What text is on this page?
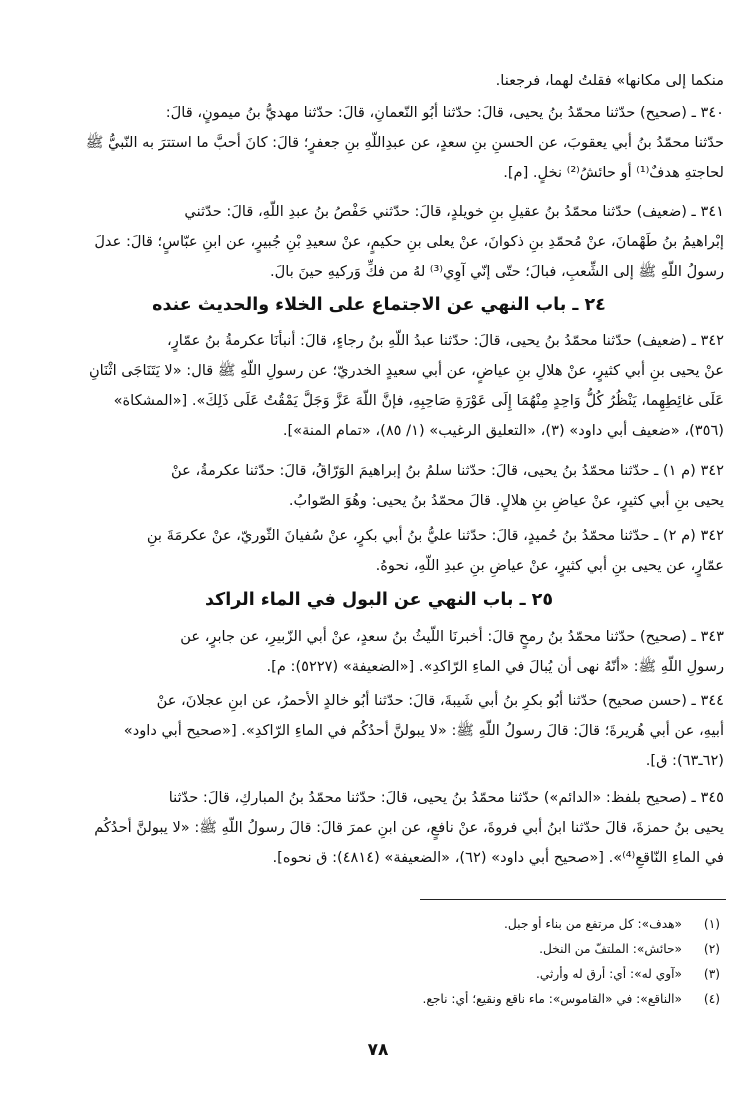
منكما إلى مكانها» فقلتُ لهما، فرجعنا.

٣٤٠ ـ (صحيح) حدّثنا محمّدُ بنُ يحيى، قالَ: حدّثنا أبُو النّعمانِ، قالَ: حدّثنا مهديُّ بنُ ميمونٍ، قالَ:
حدّثنا محمّدُ بنُ أبي يعقوبَ، عن الحسنِ بنِ سعدٍ، عن عبدِاللّهِ بنِ جعفرٍ؛ قالَ: كانَ أحبَّ ما استترَ به النّبيُّ ﷺ
لحاجتهِ هدفٌ⁽¹⁾ أو حائشُ⁽²⁾ نخلٍ. [م].

٣٤١ ـ (ضعيف) حدّثنا محمّدُ بنُ عقيلِ بنِ خويلدٍ، قالَ: حدّثني حَفْصُ بنُ عبدِ اللّهِ، قالَ: حدّثني
إبْراهيمُ بنُ طَهْمانَ، عنْ مُحمّدِ بنِ ذكوانَ، عنْ يعلى بنِ حكيمٍ، عنْ سعيدِ بْنِ جُبيرٍ، عن ابنِ عبّاسٍ؛ قالَ: عدلَ
رسولُ اللّهِ ﷺ إلى الشِّعبِ، فبالَ؛ حتّى إنّي آوِي⁽³⁾ لهُ من فكِّ وَركيهِ حينَ بالَ.

٢٤ ـ باب النهي عن الاجتماع على الخلاء والحديث عنده

٣٤٢ ـ (ضعيف) حدّثنا محمّدُ بنُ يحيى، قالَ: حدّثنا عبدُ اللّهِ بنُ رجاءٍ، قالَ: أنبأنَا عكرمةُ بنُ عمّارٍ،
عنْ يحيى بنِ أبي كثيرٍ، عنْ هلالِ بنِ عياضٍ، عن أبي سعيدٍ الخدريّ؛ عن رسولِ اللّهِ ﷺ قال: «لا يَتَنَاجَى اثْنَانِ
عَلَى غائِطِهِما، يَنْظُرُ كُلُّ وَاحِدٍ مِنْهُمَا إِلَى عَوْرَةِ صَاحِبِهِ، فإنَّ اللّهَ عَزَّ وَجَلَّ يَمْقُتُ عَلَى ذَلِكَ». [«المشكاة»
(٣٥٦)، «ضعيف أبي داود» (٣)، «التعليق الرغيب» (١/ ٨٥)، «تمام المنة»].

٣٤٢ (م ١) ـ حدّثنا محمّدُ بنُ يحيى، قالَ: حدّثنا سلمُ بنُ إبراهيمَ الوَرّاقُ، قالَ: حدّثنا عكرمةُ، عنْ
يحيى بنِ أبي كثيرٍ، عنْ عياضِ بنِ هلالٍ. قالَ محمّدُ بنُ يحيى: وهُوَ الصّوابُ.

٣٤٢ (م ٢) ـ حدّثنا محمّدُ بنُ حُميدٍ، قالَ: حدّثنا عليُّ بنُ أبي بكرٍ، عنْ سُفيانَ الثّوريّ، عنْ عكرمَةَ بنِ
عمّارٍ، عن يحيى بنِ أبي كثيرٍ، عنْ عياضِ بنِ عبدِ اللّهِ، نحوهُ.

٢٥ ـ باب النهي عن البول في الماء الراكد

٣٤٣ ـ (صحيح) حدّثنا محمّدُ بنُ رمحٍ قالَ: أخبرنَا اللّيثُ بنُ سعدٍ، عنْ أبي الزّبيرِ، عن جابرٍ، عن
رسولِ اللّهِ ﷺ: «أنّهُ نهى أن يُبالَ في الماءِ الرّاكدِ». [«الضعيفة» (٥٢٢٧): م].

٣٤٤ ـ (حسن صحيح) حدّثنا أبُو بكرِ بنُ أبي شَيبةَ، قالَ: حدّثنا أبُو خالدٍ الأحمرُ، عن ابنِ عجلانَ، عنْ
أبيهِ، عن أبي هُريرةَ؛ قالَ: قالَ رسولُ اللّهِ ﷺ: «لا يبولنَّ أحدُكُم في الماءِ الرّاكدِ». [«صحيح أبي داود»
(٦٢ـ٦٣): ق].

٣٤٥ ـ (صحيح بلفظ: «الدائم») حدّثنا محمّدُ بنُ يحيى، قالَ: حدّثنا محمّدُ بنُ المباركِ، قالَ: حدّثنا
يحيى بنُ حمزةَ، قالَ حدّثنا ابنُ أبي فروةَ، عنْ نافعٍ، عن ابنِ عمرَ قالَ: قالَ رسولُ اللّهِ ﷺ: «لا يبولنَّ أحدُكُم
في الماءِ النّاقعِ⁽⁴⁾». [«صحيح أبي داود» (٦٢)، «الضعيفة» (٤٨١٤): ق نحوه].

(١)
«هدف»: كل مرتفع من بناء أو جبل.
(٢)
«حائش»: الملتفّ من النخل.
(٣)
«آوي له»: أي: أرق له وأرثي.
(٤)
«الناقع»: في «القاموس»: ماء ناقع ونقيع؛ أي: ناجع.
٧٨
